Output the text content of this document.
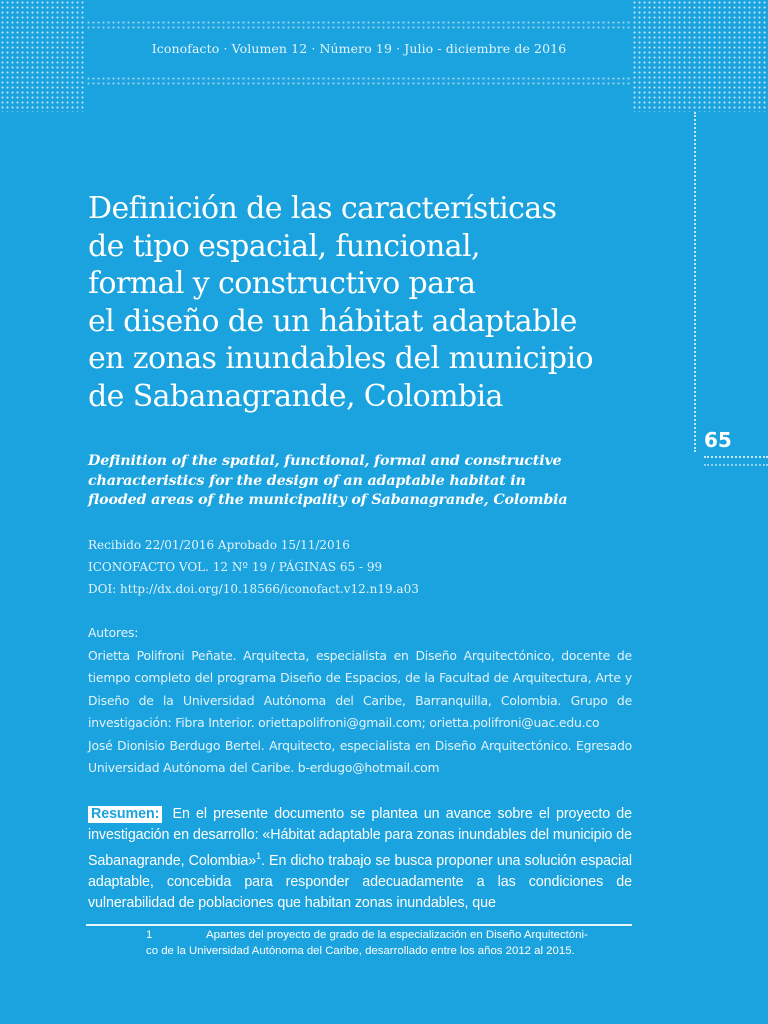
Iconofacto · Volumen 12 · Número 19 · Julio - diciembre de 2016
65
Definición de las características
de tipo espacial, funcional,
formal y constructivo para
el diseño de un hábitat adaptable
en zonas inundables del municipio
de Sabanagrande, Colombia
Definition of the spatial, functional, formal and constructive
characteristics for the design of an adaptable habitat in
flooded areas of the municipality of Sabanagrande, Colombia
Recibido 22/01/2016 Aprobado 15/11/2016
ICONOFACTO VOL. 12 Nº 19 / PÁGINAS 65 - 99
DOI: http://dx.doi.org/10.18566/iconofact.v12.n19.a03

Autores:

Orietta Polifroni Peñate. Arquitecta, especialista en Diseño Arquitectónico, docente de tiempo completo del programa Diseño de Espacios, de la Facultad de Arquitectura, Arte y Diseño de la Universidad Autónoma del Caribe, Barranquilla, Colombia. Grupo de investigación: Fibra Interior. oriettapolifroni@gmail.com; orietta.polifroni@uac.edu.co

José Dionisio Berdugo Bertel. Arquitecto, especialista en Diseño Arquitectónico. Egresado Universidad Autónoma del Caribe. b-erdugo@hotmail.com

Resumen: En el presente documento se plantea un avance sobre el proyecto de investigación en desarrollo: «Hábitat adaptable para zonas inundables del municipio de Sabanagrande, Colombia»$^1$. En dicho trabajo se busca proponer una solución espacial adaptable, concebida para responder adecuadamente a las condiciones de vulnerabilidad de poblaciones que habitan zonas inundables, que
1	Apartes del proyecto de grado de la especialización en Diseño Arquitectóni-
co de la Universidad Autónoma del Caribe, desarrollado entre los años 2012 al 2015.
